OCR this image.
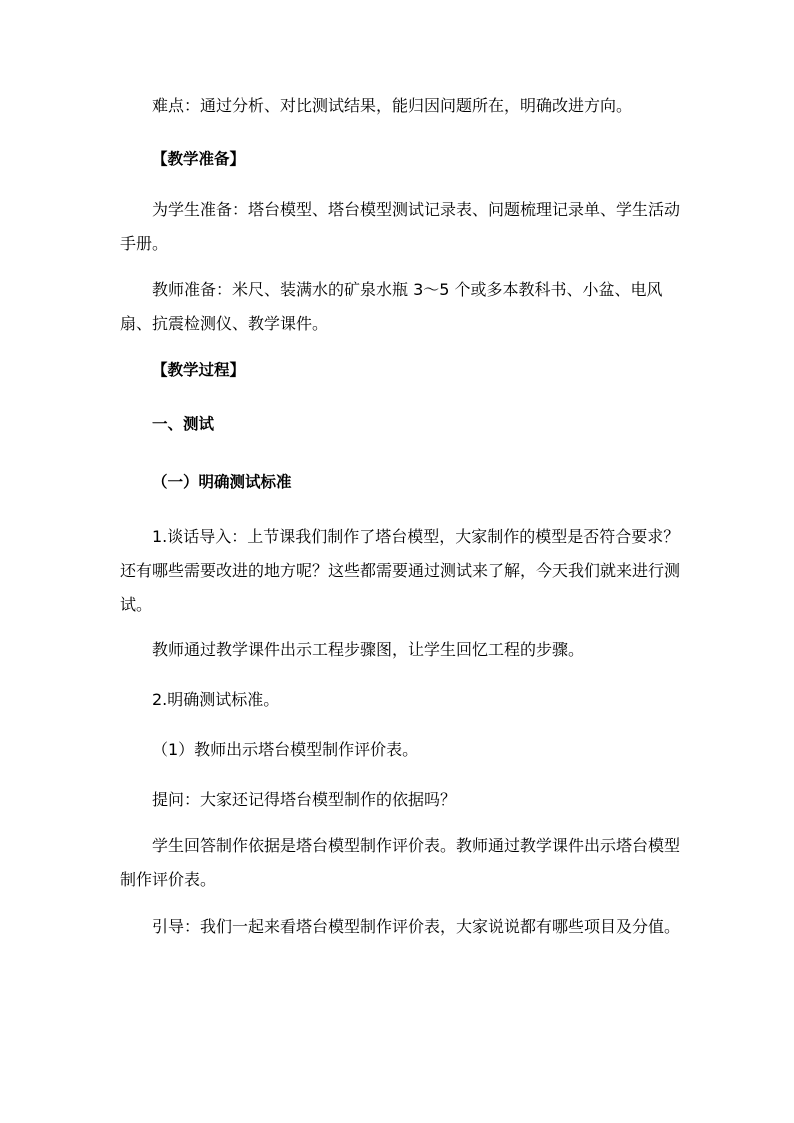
难点：通过分析、对比测试结果，能归因问题所在，明确改进方向。

【教学准备】

为学生准备：塔台模型、塔台模型测试记录表、问题梳理记录单、学生活动手册。

教师准备：米尺、装满水的矿泉水瓶 3～5 个或多本教科书、小盆、电风扇、抗震检测仪、教学课件。

【教学过程】

一、测试

（一）明确测试标准

1.谈话导入：上节课我们制作了塔台模型，大家制作的模型是否符合要求？还有哪些需要改进的地方呢？这些都需要通过测试来了解，今天我们就来进行测试。

教师通过教学课件出示工程步骤图，让学生回忆工程的步骤。

2.明确测试标准。

（1）教师出示塔台模型制作评价表。

提问：大家还记得塔台模型制作的依据吗？

学生回答制作依据是塔台模型制作评价表。教师通过教学课件出示塔台模型制作评价表。

引导：我们一起来看塔台模型制作评价表，大家说说都有哪些项目及分值。
